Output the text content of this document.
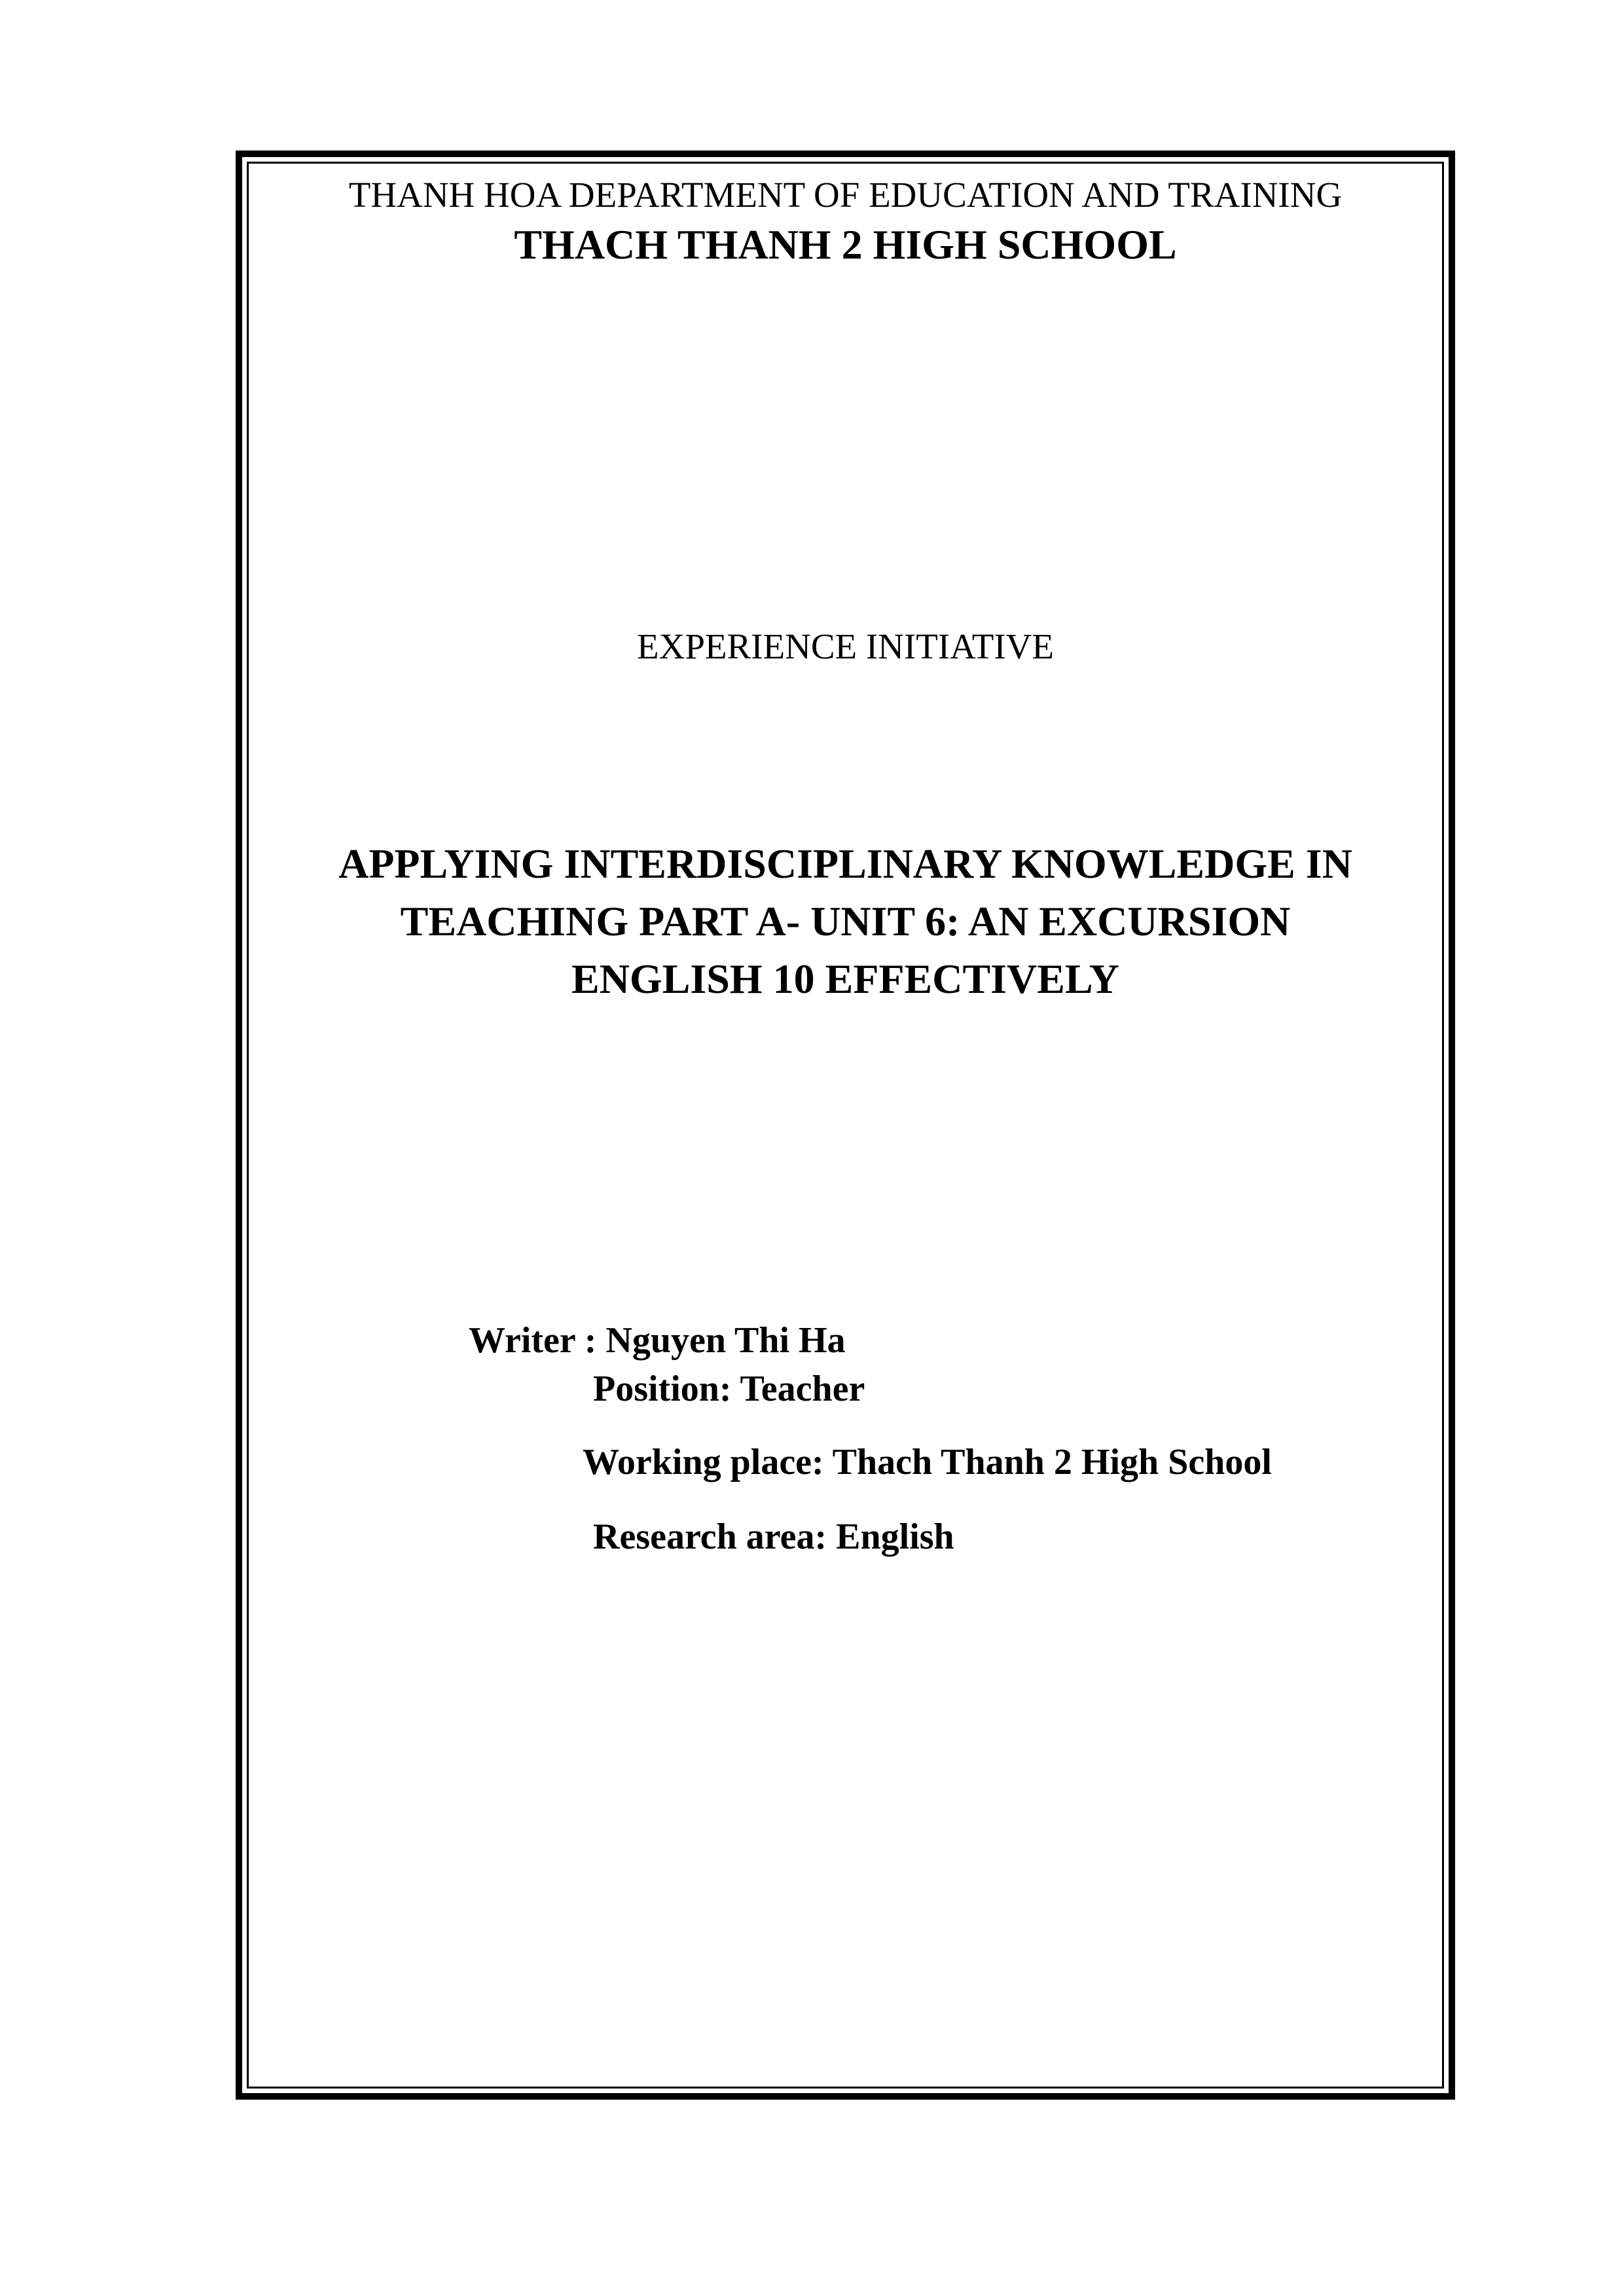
THANH HOA DEPARTMENT OF EDUCATION AND TRAINING
THACH THANH 2 HIGH SCHOOL
EXPERIENCE INITIATIVE
APPLYING INTERDISCIPLINARY KNOWLEDGE IN
TEACHING PART A- UNIT 6: AN EXCURSION
ENGLISH 10 EFFECTIVELY
Writer : Nguyen Thi Ha
Position: Teacher
Working place: Thach Thanh 2 High School
Research area: English
